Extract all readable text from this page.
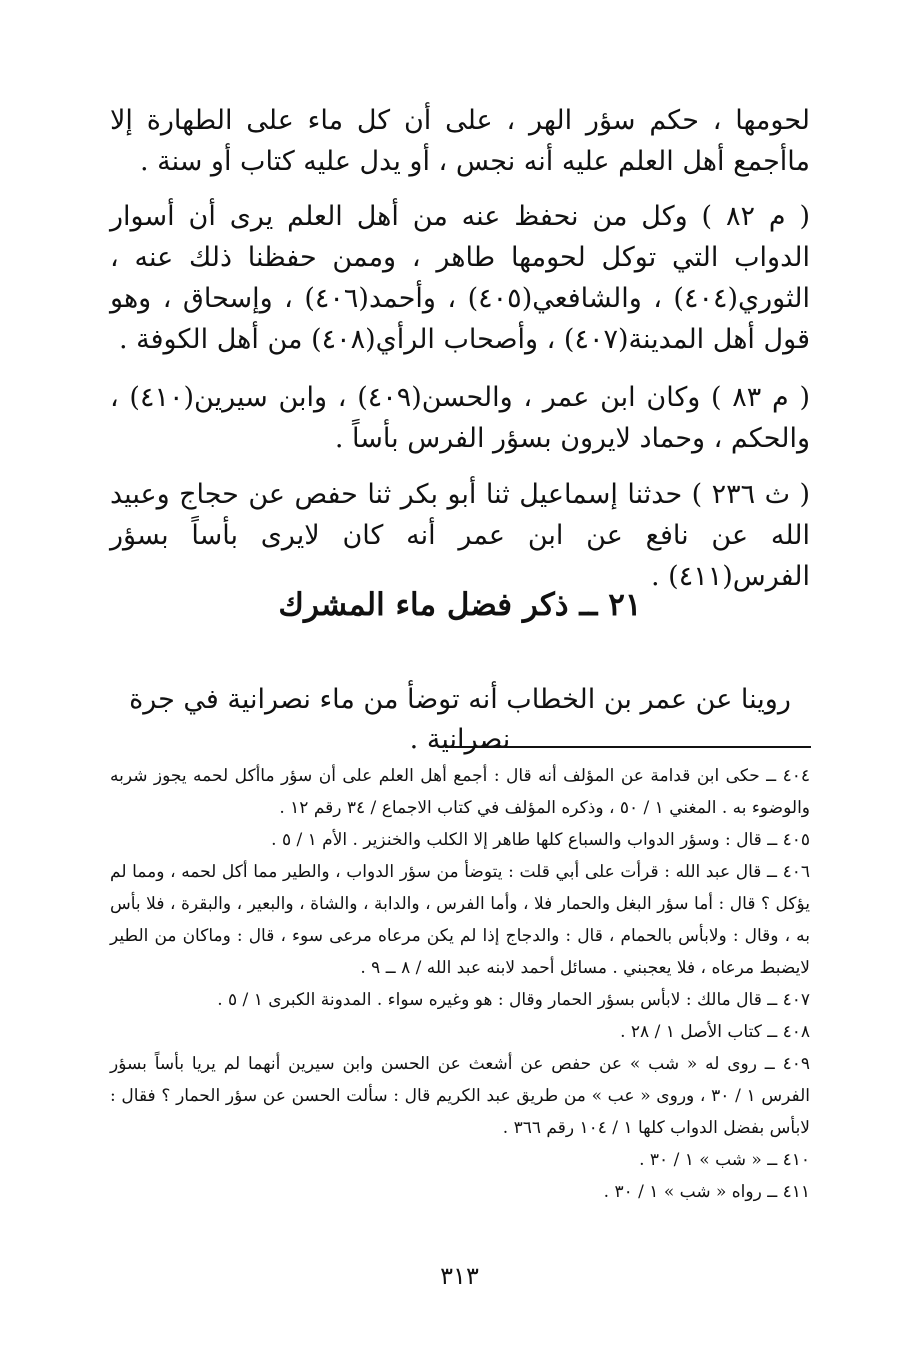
لحومها ، حكم سؤر الهر ، على أن كل ماء على الطهارة إلا ماأجمع أهل العلم عليه أنه نجس ، أو يدل عليه كتاب أو سنة .

( م ٨٢ ) وكل من نحفظ عنه من أهل العلم يرى أن أسوار الدواب التي توكل لحومها طاهر ، وممن حفظنا ذلك عنه ، الثوري(٤٠٤) ، والشافعي(٤٠٥) ، وأحمد(٤٠٦) ، وإسحاق ، وهو قول أهل المدينة(٤٠٧) ، وأصحاب الرأي(٤٠٨) من أهل الكوفة .

( م ٨٣ ) وكان ابن عمر ، والحسن(٤٠٩) ، وابن سيرين(٤١٠) ، والحكم ، وحماد لايرون بسؤر الفرس بأساً .

( ث ٢٣٦ ) حدثنا إسماعيل ثنا أبو بكر ثنا حفص عن حجاج وعبيد الله عن نافع عن ابن عمر أنه كان لايرى بأساً بسؤر الفرس(٤١١) .

٢١ ــ ذكر فضل ماء المشرك
روينا عن عمر بن الخطاب أنه توضأ من ماء نصرانية في جرة نصرانية .

٤٠٤ ــ حكى ابن قدامة عن المؤلف أنه قال : أجمع أهل العلم على أن سؤر ماأكل لحمه يجوز شربه والوضوء به . المغني ١ / ٥٠ ، وذكره المؤلف في كتاب الاجماع / ٣٤ رقم ١٢ .

٤٠٥ ــ قال : وسؤر الدواب والسباع كلها طاهر إلا الكلب والخنزير . الأم ١ / ٥ .

٤٠٦ ــ قال عبد الله : قرأت على أبي قلت : يتوضأ من سؤر الدواب ، والطير مما أكل لحمه ، ومما لم يؤكل ؟ قال : أما سؤر البغل والحمار فلا ، وأما الفرس ، والدابة ، والشاة ، والبعير ، والبقرة ، فلا بأس به ، وقال : ولابأس بالحمام ، قال : والدجاج إذا لم يكن مرعاه مرعى سوء ، قال : وماكان من الطير لايضبط مرعاه ، فلا يعجبني . مسائل أحمد لابنه عبد الله / ٨ ــ ٩ .

٤٠٧ ــ قال مالك : لابأس بسؤر الحمار وقال : هو وغيره سواء . المدونة الكبرى ١ / ٥ .

٤٠٨ ــ كتاب الأصل ١ / ٢٨ .

٤٠٩ ــ روى له « شب » عن حفص عن أشعث عن الحسن وابن سيرين أنهما لم يريا بأساً بسؤر الفرس ١ / ٣٠ ، وروى « عب » من طريق عبد الكريم قال : سألت الحسن عن سؤر الحمار ؟ فقال : لابأس بفضل الدواب كلها ١ / ١٠٤ رقم ٣٦٦ .

٤١٠ ــ « شب » ١ / ٣٠ .

٤١١ ــ رواه « شب » ١ / ٣٠ .

٣١٣
